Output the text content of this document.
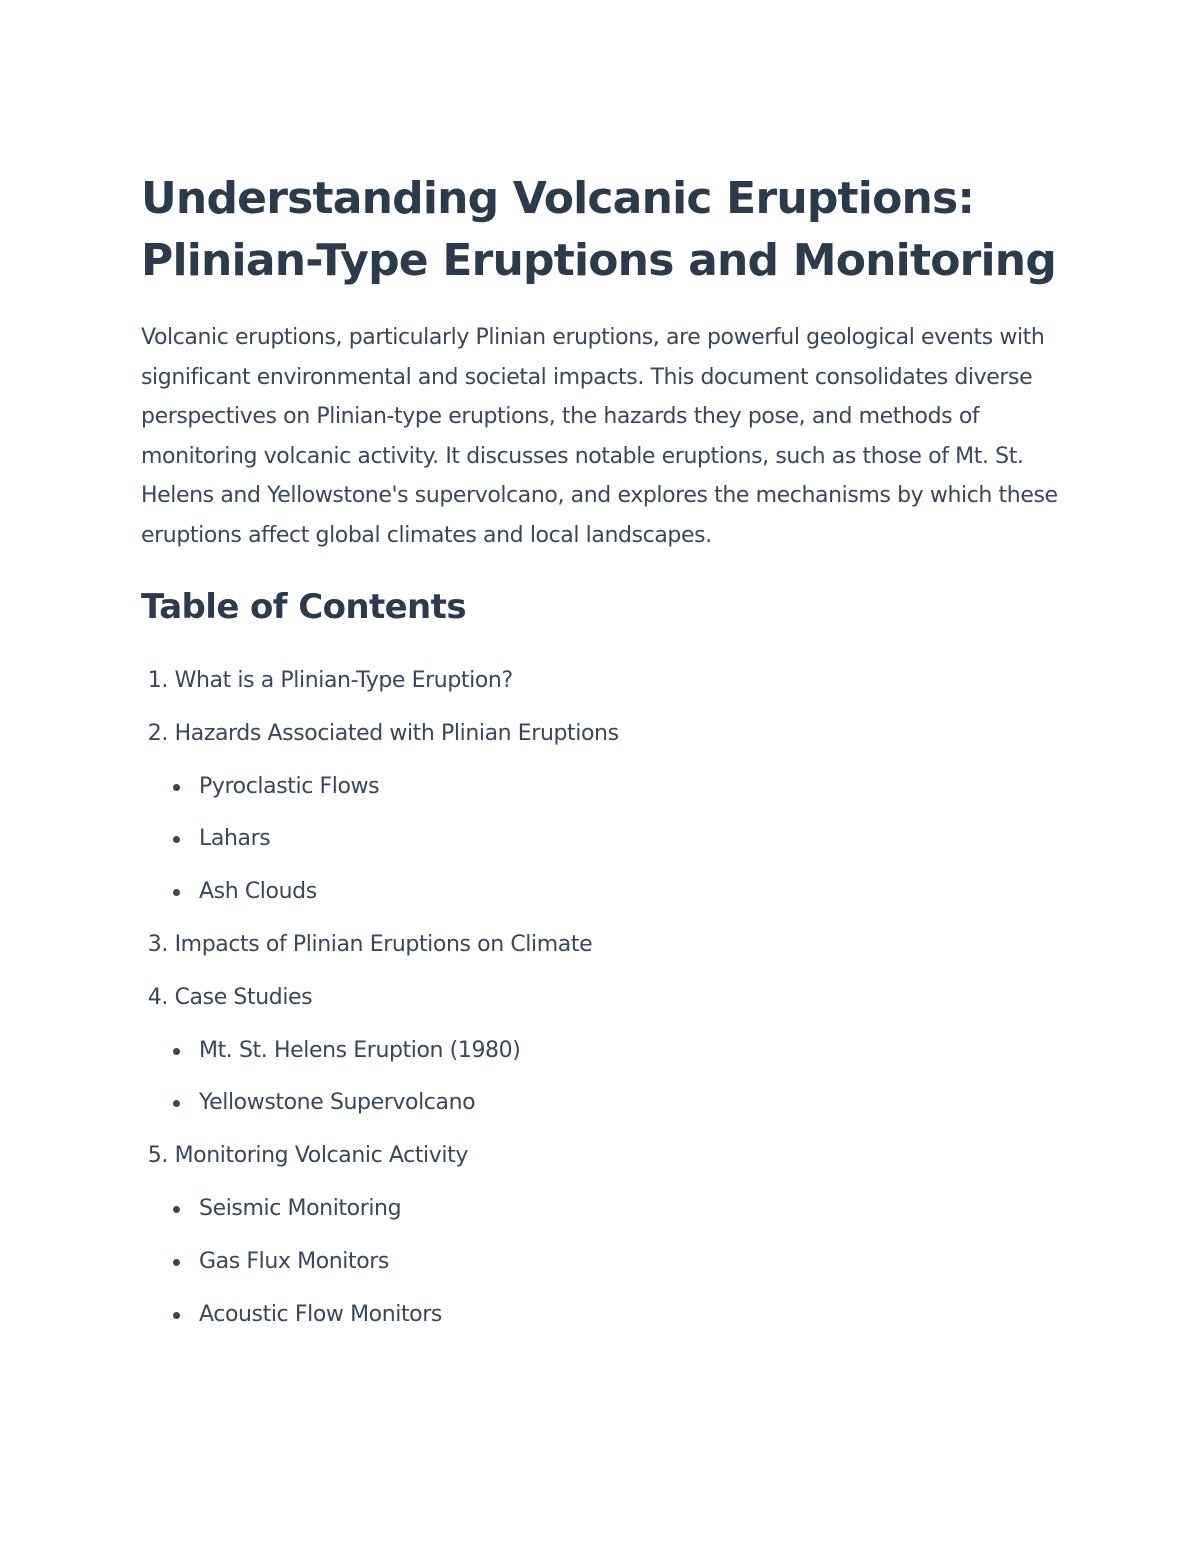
Understanding Volcanic Eruptions:
Plinian-Type Eruptions and Monitoring

Volcanic eruptions, particularly Plinian eruptions, are powerful geological events with significant environmental and societal impacts. This document consolidates diverse perspectives on Plinian-type eruptions, the hazards they pose, and methods of monitoring volcanic activity. It discusses notable eruptions, such as those of Mt. St. Helens and Yellowstone's supervolcano, and explores the mechanisms by which these eruptions affect global climates and local landscapes.

Table of Contents
1. What is a Plinian-Type Eruption?
2. Hazards Associated with Plinian Eruptions
Pyroclastic Flows
Lahars
Ash Clouds
3. Impacts of Plinian Eruptions on Climate
4. Case Studies
Mt. St. Helens Eruption (1980)
Yellowstone Supervolcano
5. Monitoring Volcanic Activity
Seismic Monitoring
Gas Flux Monitors
Acoustic Flow Monitors
